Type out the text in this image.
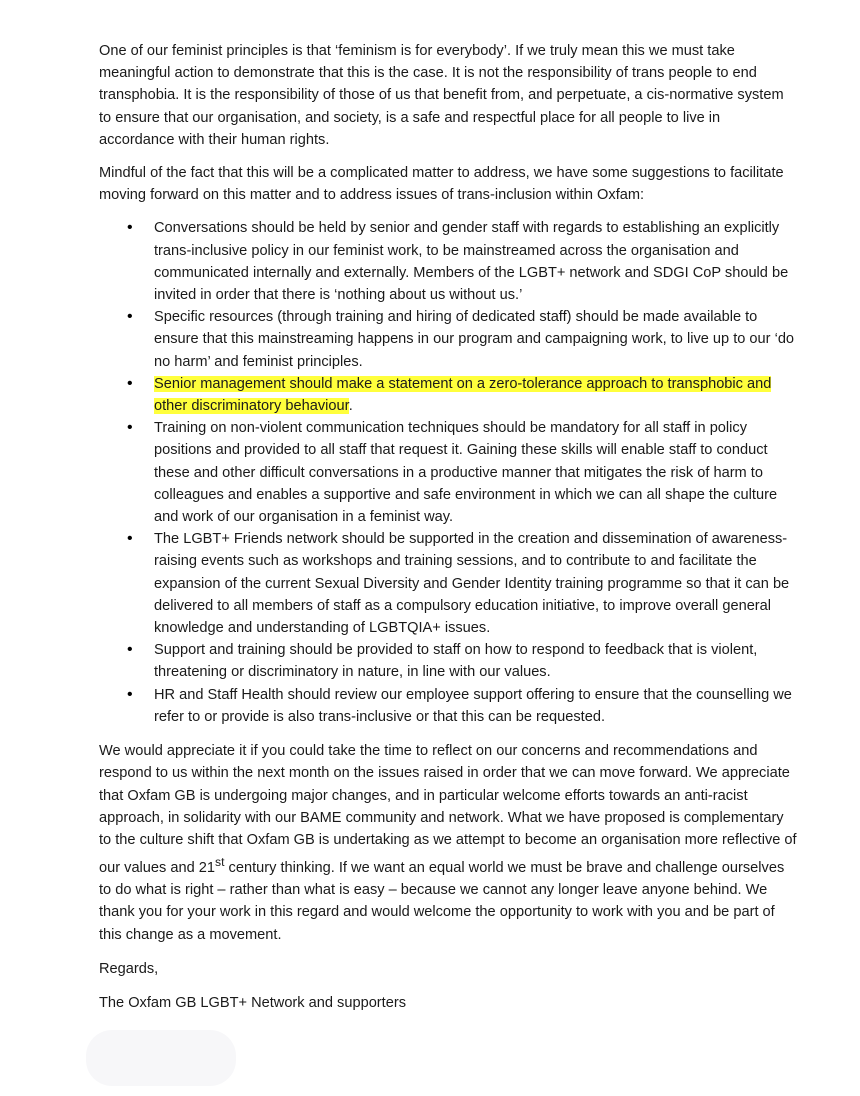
One of our feminist principles is that ‘feminism is for everybody’. If we truly mean this we must take meaningful action to demonstrate that this is the case. It is not the responsibility of trans people to end transphobia. It is the responsibility of those of us that benefit from, and perpetuate, a cis-normative system to ensure that our organisation, and society, is a safe and respectful place for all people to live in accordance with their human rights.

Mindful of the fact that this will be a complicated matter to address, we have some suggestions to facilitate moving forward on this matter and to address issues of trans-inclusion within Oxfam:

• Conversations should be held by senior and gender staff with regards to establishing an explicitly trans-inclusive policy in our feminist work, to be mainstreamed across the organisation and communicated internally and externally. Members of the LGBT+ network and SDGI CoP should be invited in order that there is ‘nothing about us without us.’
• Specific resources (through training and hiring of dedicated staff) should be made available to ensure that this mainstreaming happens in our program and campaigning work, to live up to our ‘do no harm’ and feminist principles.
• Senior management should make a statement on a zero-tolerance approach to transphobic and other discriminatory behaviour.
• Training on non-violent communication techniques should be mandatory for all staff in policy positions and provided to all staff that request it. Gaining these skills will enable staff to conduct these and other difficult conversations in a productive manner that mitigates the risk of harm to colleagues and enables a supportive and safe environment in which we can all shape the culture and work of our organisation in a feminist way.
• The LGBT+ Friends network should be supported in the creation and dissemination of awareness-raising events such as workshops and training sessions, and to contribute to and facilitate the expansion of the current Sexual Diversity and Gender Identity training programme so that it can be delivered to all members of staff as a compulsory education initiative, to improve overall general knowledge and understanding of LGBTQIA+ issues.
• Support and training should be provided to staff on how to respond to feedback that is violent, threatening or discriminatory in nature, in line with our values.
• HR and Staff Health should review our employee support offering to ensure that the counselling we refer to or provide is also trans-inclusive or that this can be requested.

We would appreciate it if you could take the time to reflect on our concerns and recommendations and respond to us within the next month on the issues raised in order that we can move forward. We appreciate that Oxfam GB is undergoing major changes, and in particular welcome efforts towards an anti-racist approach, in solidarity with our BAME community and network. What we have proposed is complementary to the culture shift that Oxfam GB is undertaking as we attempt to become an organisation more reflective of our values and 21st century thinking. If we want an equal world we must be brave and challenge ourselves to do what is right – rather than what is easy – because we cannot any longer leave anyone behind. We thank you for your work in this regard and would welcome the opportunity to work with you and be part of this change as a movement.

Regards,

The Oxfam GB LGBT+ Network and supporters
